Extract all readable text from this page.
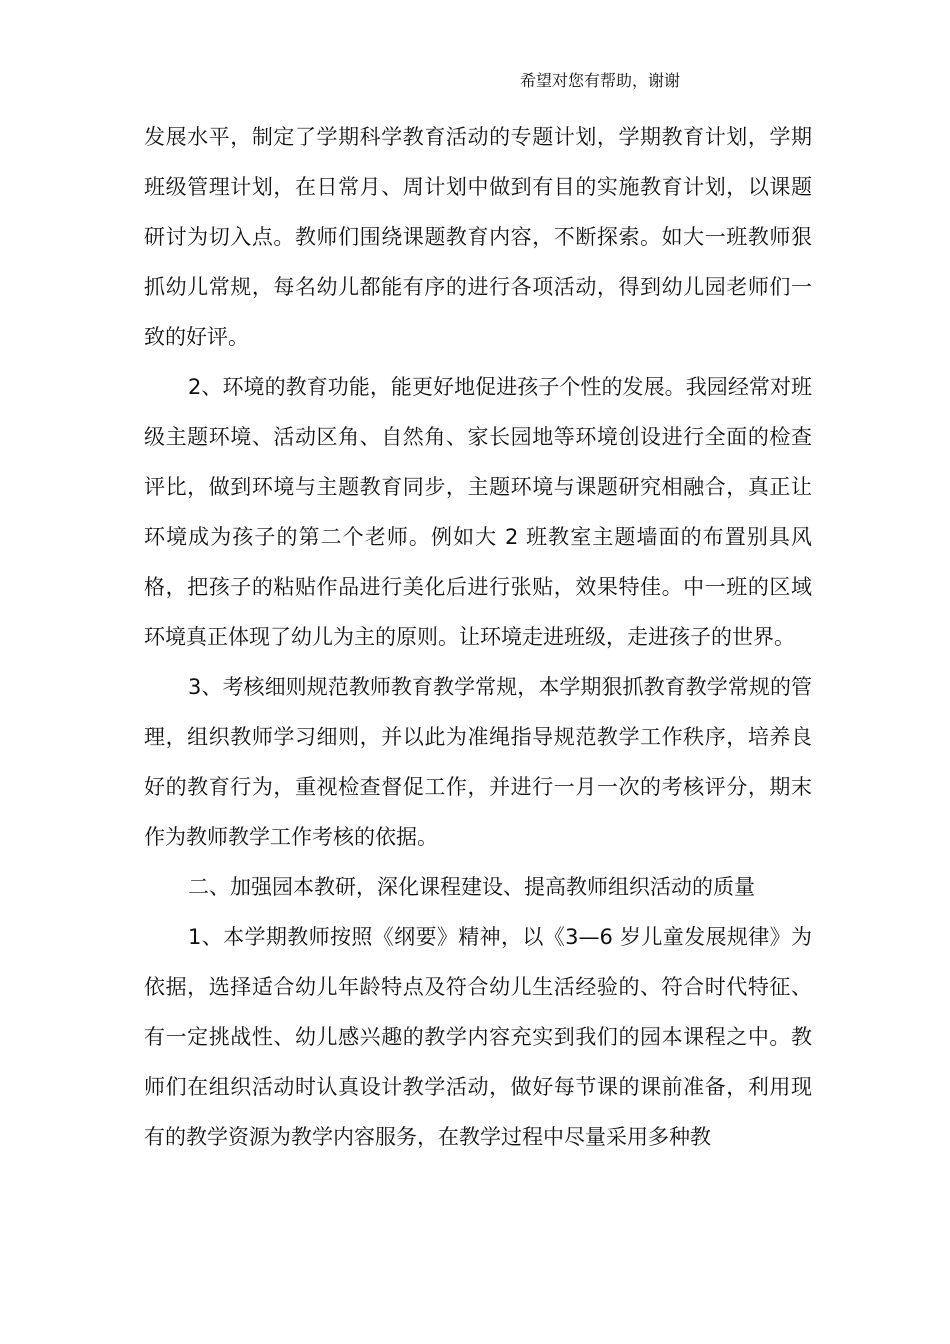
希望对您有帮助，谢谢

发展水平，制定了学期科学教育活动的专题计划，学期教育计划，学期班级管理计划，在日常月、周计划中做到有目的实施教育计划，以课题研讨为切入点。教师们围绕课题教育内容，不断探索。如大一班教师狠抓幼儿常规，每名幼儿都能有序的进行各项活动，得到幼儿园老师们一致的好评。

2、环境的教育功能，能更好地促进孩子个性的发展。我园经常对班级主题环境、活动区角、自然角、家长园地等环境创设进行全面的检查评比，做到环境与主题教育同步，主题环境与课题研究相融合，真正让环境成为孩子的第二个老师。例如大 2 班教室主题墙面的布置别具风格，把孩子的粘贴作品进行美化后进行张贴，效果特佳。中一班的区域环境真正体现了幼儿为主的原则。让环境走进班级，走进孩子的世界。

3、考核细则规范教师教育教学常规，本学期狠抓教育教学常规的管理，组织教师学习细则，并以此为准绳指导规范教学工作秩序，培养良好的教育行为，重视检查督促工作，并进行一月一次的考核评分，期末作为教师教学工作考核的依据。

二、加强园本教研，深化课程建设、提高教师组织活动的质量

1、本学期教师按照《纲要》精神，以《3—6 岁儿童发展规律》为依据，选择适合幼儿年龄特点及符合幼儿生活经验的、符合时代特征、有一定挑战性、幼儿感兴趣的教学内容充实到我们的园本课程之中。教师们在组织活动时认真设计教学活动，做好每节课的课前准备，利用现有的教学资源为教学内容服务，在教学过程中尽量采用多种教
